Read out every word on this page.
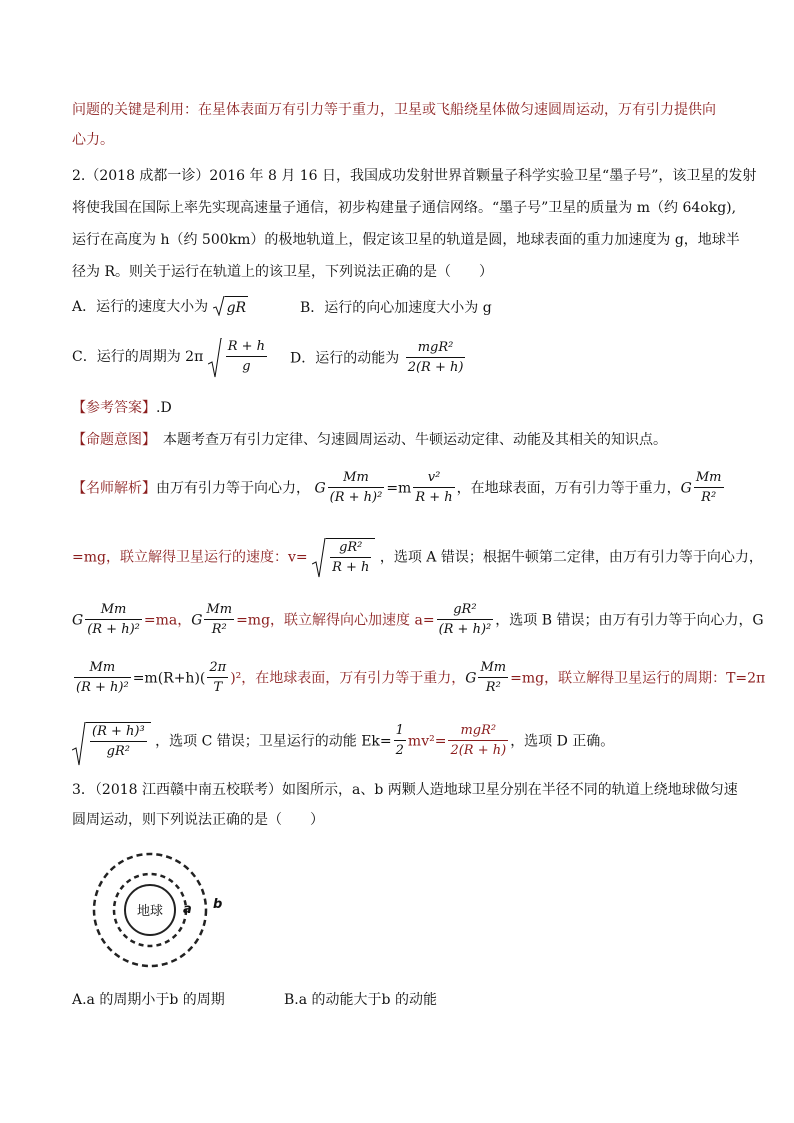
问题的关键是利用：在星体表面万有引力等于重力，卫星或飞船绕星体做匀速圆周运动，万有引力提供向
心力。
2.（2018 成都一诊）2016 年 8 月 16 日，我国成功发射世界首颗量子科学实验卫星“墨子号”，该卫星的发射
将使我国在国际上率先实现高速量子通信，初步构建量子通信网络。“墨子号”卫星的质量为 m（约 64okg),
运行在高度为 h（约 500km）的极地轨道上，假定该卫星的轨道是圆，地球表面的重力加速度为 g，地球半
径为 R。则关于运行在轨道上的该卫星，下列说法正确的是（　　）
A．运行的速度大小为 gR	B．运行的向心加速度大小为 g
C．运行的周期为 $2\pi \frac{R + h}{g}$ D．运行的动能为 $\frac{\text{mgR²}}{2(R + h)}$
【参考答案】.D
【命题意图】　本题考查万有引力定律、匀速圆周运动、牛顿运动定律、动能及其相关的知识点。
【名师解析】由万有引力等于向心力， G $\frac{Mm}{\text{(R + h)²}} =m \frac{\text{v²}}{R + h}$ ，在地球表面，万有引力等于重力，G $\frac{Mm}{\text{R²}}$
=mg，联立解得卫星运行的速度：$v= \frac{\text{gR²}}{R + h}$ ，选项 A 错误；根据牛顿第二定律，由万有引力等于向心力，
G $\frac{Mm}{\text{(R + h)²}} =ma$，G $\frac{Mm}{\text{R²}} =mg$，联立解得向心加速度 $a= \frac{\text{gR²}}{\text{(R + h)²}}$ ，选项 B 错误；由万有引力等于向心力，G
$\frac{Mm}{\text{(R + h)²}} =m(R+h)( \frac{2\pi}{T} )^2$，在地球表面，万有引力等于重力，G $\frac{Mm}{\text{R²}} =mg$，联立解得卫星运行的周期：T=2π
$\frac{\text{(R + h)³}}{\text{gR²}}$ ，选项 C 错误；卫星运行的动能 $Ek= \frac{1}{2} mv^2= \frac{\text{mgR²}}{2(R + h)}$ ，选项 D 正确。
3．（2018 江西赣中南五校联考）如图所示，a、b 两颗人造地球卫星分别在半径不同的轨道上绕地球做匀速
圆周运动，则下列说法正确的是（　　）
地球 a b
A.a 的周期小于b 的周期	B.a 的动能大于b 的动能
